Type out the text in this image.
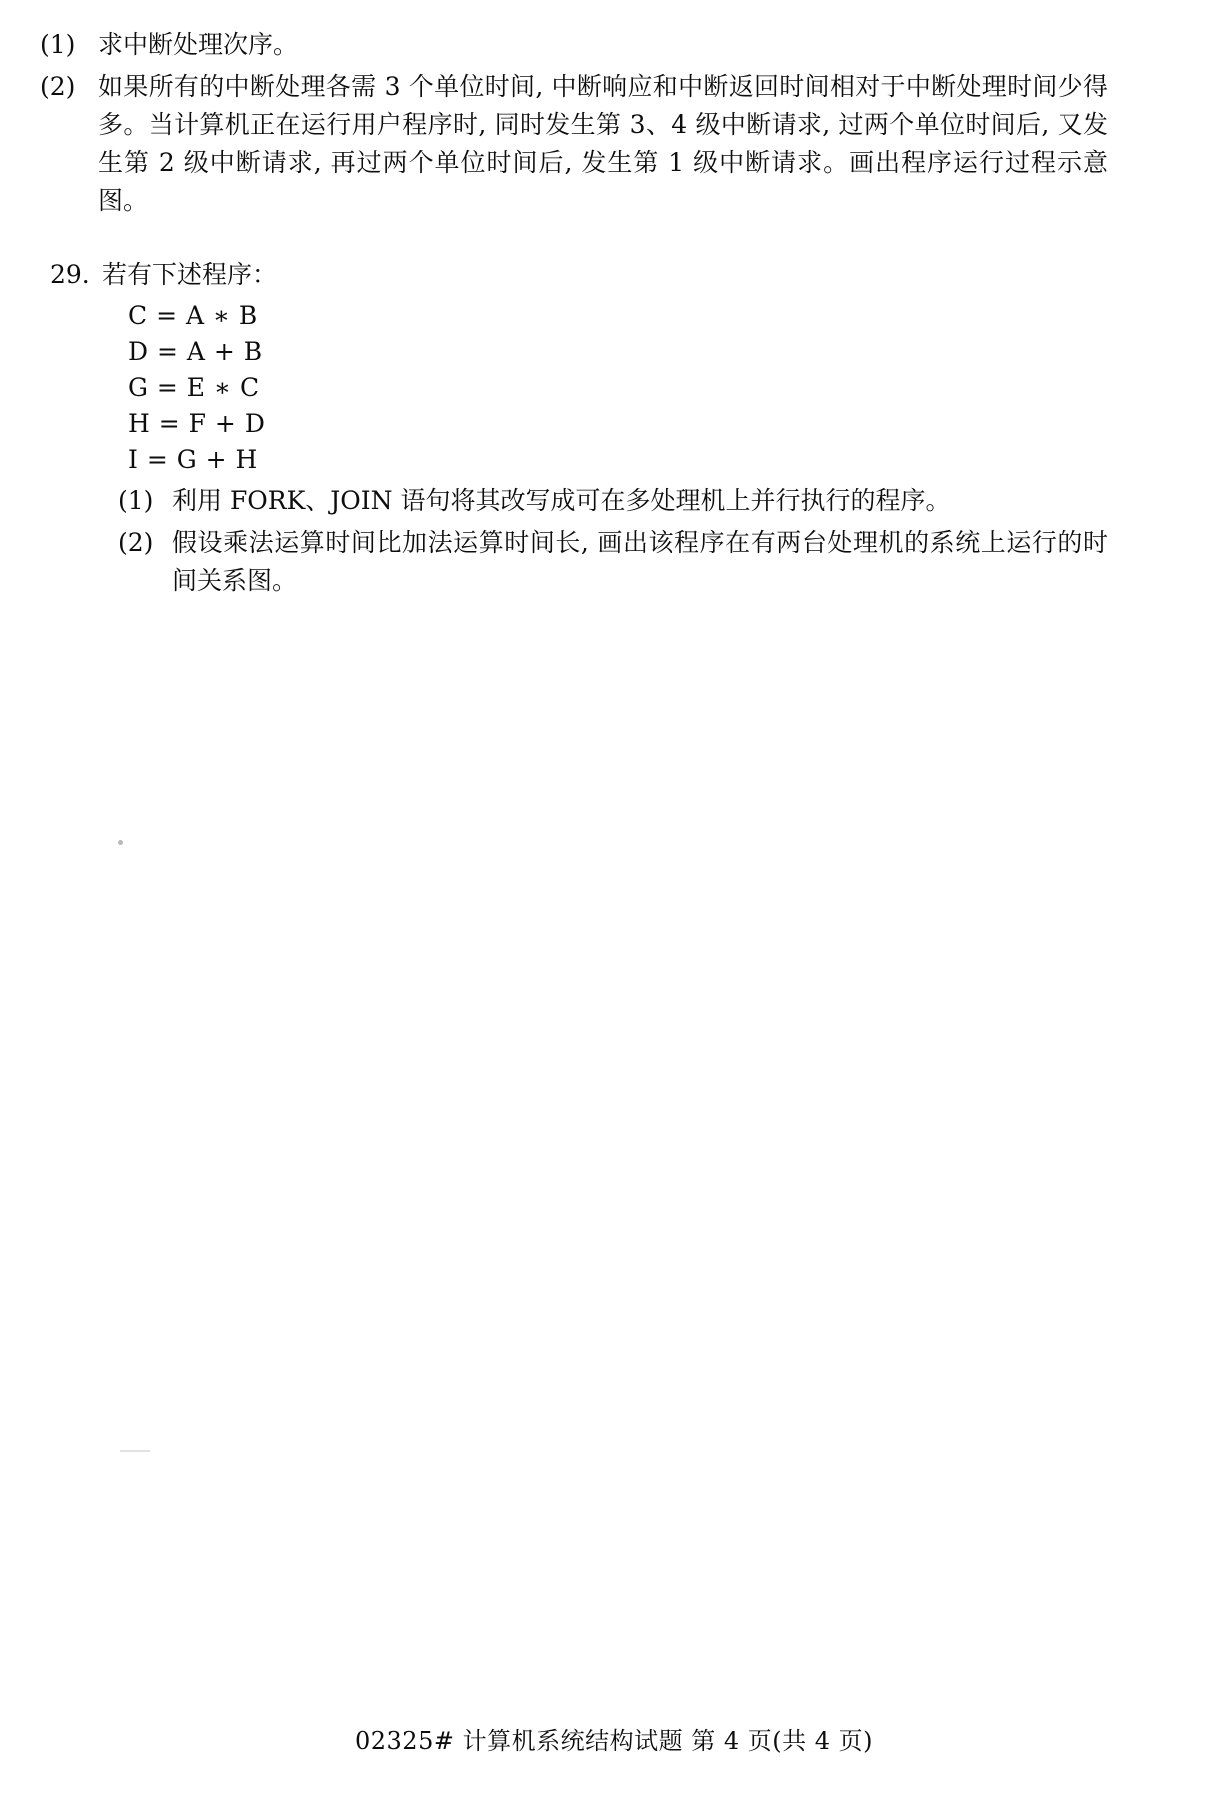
(1) 求中断处理次序。
(2) 如果所有的中断处理各需 3 个单位时间, 中断响应和中断返回时间相对于中断处理时间少得多。当计算机正在运行用户程序时, 同时发生第 3、4 级中断请求, 过两个单位时间后, 又发生第 2 级中断请求, 再过两个单位时间后, 发生第 1 级中断请求。画出程序运行过程示意图。
29. 若有下述程序：
C = A ∗ B
D = A + B
G = E ∗ C
H = F + D
I = G + H
(1) 利用 FORK、JOIN 语句将其改写成可在多处理机上并行执行的程序。
(2) 假设乘法运算时间比加法运算时间长, 画出该程序在有两台处理机的系统上运行的时间关系图。
02325# 计算机系统结构试题 第 4 页(共 4 页)
